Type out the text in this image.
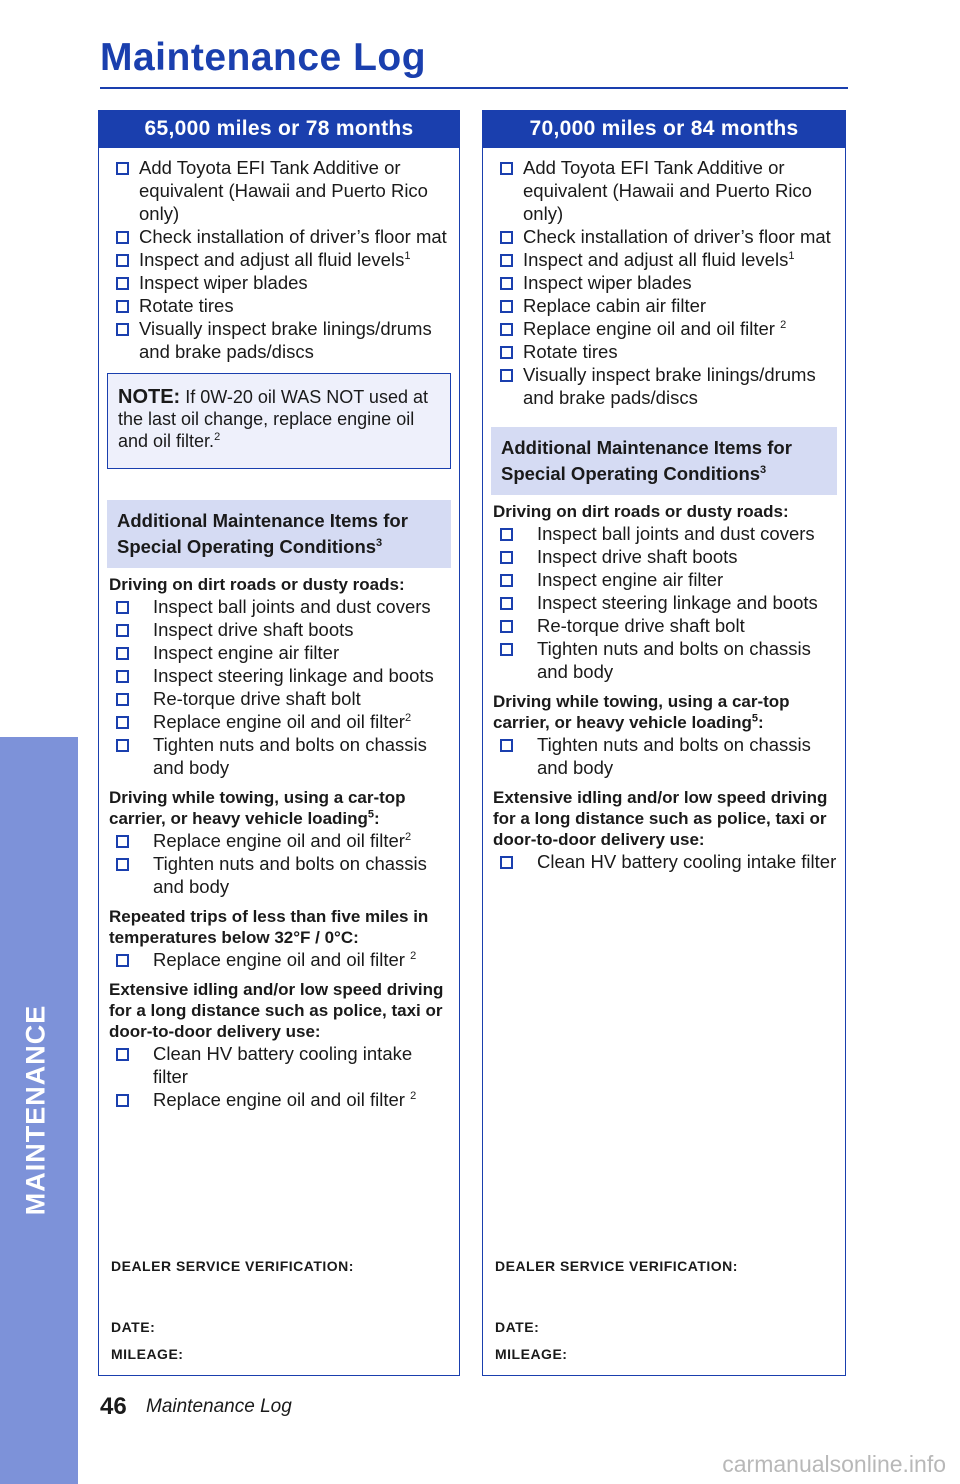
MAINTENANCE
Maintenance Log
65,000 miles or 78 months
Add Toyota EFI Tank Additive or equivalent (Hawaii and Puerto Rico only)
Check installation of driver’s floor mat
Inspect and adjust all fluid levels$^1$
Inspect wiper blades
Rotate tires
Visually inspect brake linings/drums and brake pads/discs
NOTE: If 0W-20 oil WAS NOT used at the last oil change, replace engine oil and oil filter.$^2$
Additional Maintenance Items for Special Operating Conditions$^3$
Driving on dirt roads or dusty roads:
Inspect ball joints and dust covers
Inspect drive shaft boots
Inspect engine air filter
Inspect steering linkage and boots
Re-torque drive shaft bolt
Replace engine oil and oil filter$^2$
Tighten nuts and bolts on chassis and body
Driving while towing, using a car-top carrier, or heavy vehicle loading$^5$:
Replace engine oil and oil filter$^2$
Tighten nuts and bolts on chassis and body
Repeated trips of less than five miles in temperatures below 32°F / 0°C:
Replace engine oil and oil filter $^2$
Extensive idling and/or low speed driving for a long distance such as police, taxi or door-to-door delivery use:
Clean HV battery cooling intake filter
Replace engine oil and oil filter $^2$
DEALER SERVICE VERIFICATION:
DATE:
MILEAGE:
70,000 miles or 84 months
Add Toyota EFI Tank Additive or equivalent (Hawaii and Puerto Rico only)
Check installation of driver’s floor mat
Inspect and adjust all fluid levels$^1$
Inspect wiper blades
Replace cabin air filter
Replace engine oil and oil filter $^2$
Rotate tires
Visually inspect brake linings/drums and brake pads/discs
Additional Maintenance Items for Special Operating Conditions$^3$
Driving on dirt roads or dusty roads:
Inspect ball joints and dust covers
Inspect drive shaft boots
Inspect engine air filter
Inspect steering linkage and boots
Re-torque drive shaft bolt
Tighten nuts and bolts on chassis and body
Driving while towing, using a car-top carrier, or heavy vehicle loading$^5$:
Tighten nuts and bolts on chassis and body
Extensive idling and/or low speed driving for a long distance such as police, taxi or door-to-door delivery use:
Clean HV battery cooling intake filter
DEALER SERVICE VERIFICATION:
DATE:
MILEAGE:
46 Maintenance Log
carmanualsonline.info
